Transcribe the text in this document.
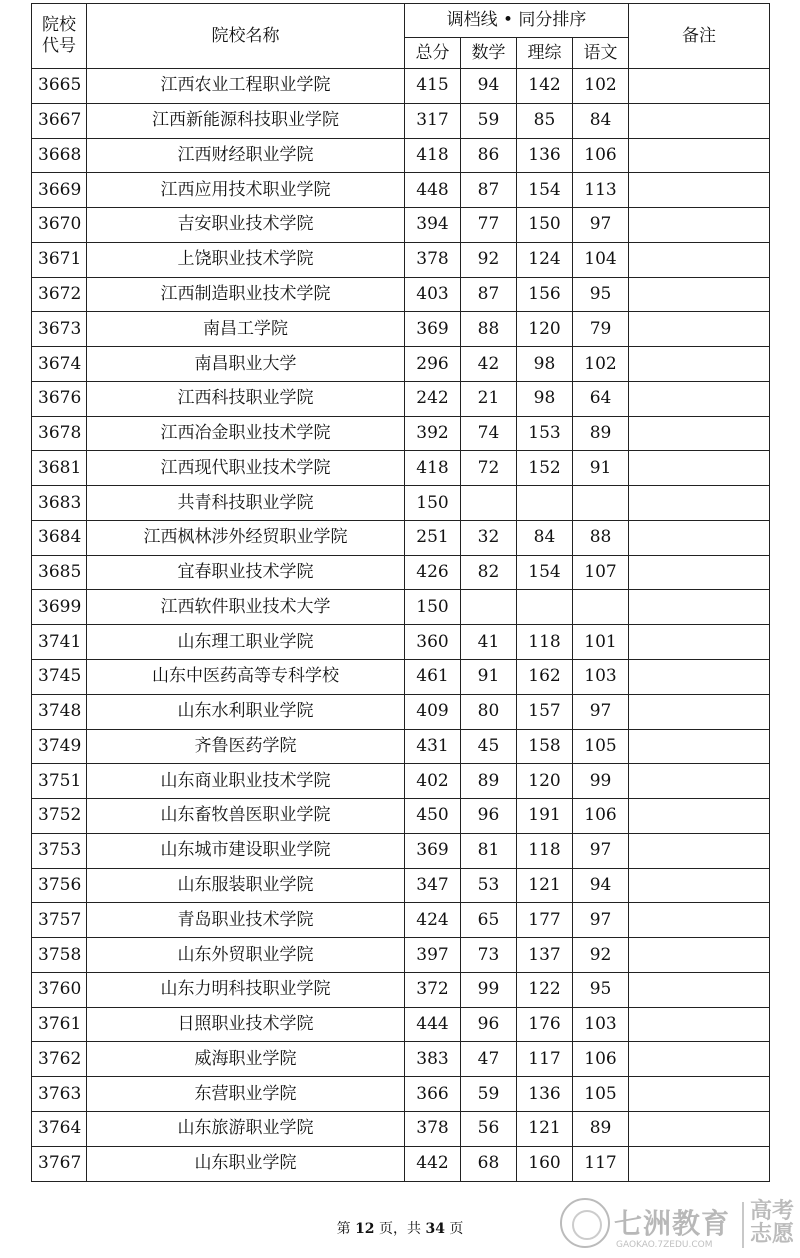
院校
代号	院校名称	调档线 • 同分排序				备注
		总分	数学	理综	语文	
3665	江西农业工程职业学院	415	94	142	102	
3667	江西新能源科技职业学院	317	59	85	84	
3668	江西财经职业学院	418	86	136	106	
3669	江西应用技术职业学院	448	87	154	113	
3670	吉安职业技术学院	394	77	150	97	
3671	上饶职业技术学院	378	92	124	104	
3672	江西制造职业技术学院	403	87	156	95	
3673	南昌工学院	369	88	120	79	
3674	南昌职业大学	296	42	98	102	
3676	江西科技职业学院	242	21	98	64	
3678	江西冶金职业技术学院	392	74	153	89	
3681	江西现代职业技术学院	418	72	152	91	
3683	共青科技职业学院	150				
3684	江西枫林涉外经贸职业学院	251	32	84	88	
3685	宜春职业技术学院	426	82	154	107	
3699	江西软件职业技术大学	150				
3741	山东理工职业学院	360	41	118	101	
3745	山东中医药高等专科学校	461	91	162	103	
3748	山东水利职业学院	409	80	157	97	
3749	齐鲁医药学院	431	45	158	105	
3751	山东商业职业技术学院	402	89	120	99	
3752	山东畜牧兽医职业学院	450	96	191	106	
3753	山东城市建设职业学院	369	81	118	97	
3756	山东服装职业学院	347	53	121	94	
3757	青岛职业技术学院	424	65	177	97	
3758	山东外贸职业学院	397	73	137	92	
3760	山东力明科技职业学院	372	99	122	95	
3761	日照职业技术学院	444	96	176	103	
3762	威海职业学院	383	47	117	106	
3763	东营职业学院	366	59	136	105	
3764	山东旅游职业学院	378	56	121	89	
3767	山东职业学院	442	68	160	117	
第 12 页，共 34 页	七洲教育
GAOKAO.7ZEDU.COM
高考
志愿
